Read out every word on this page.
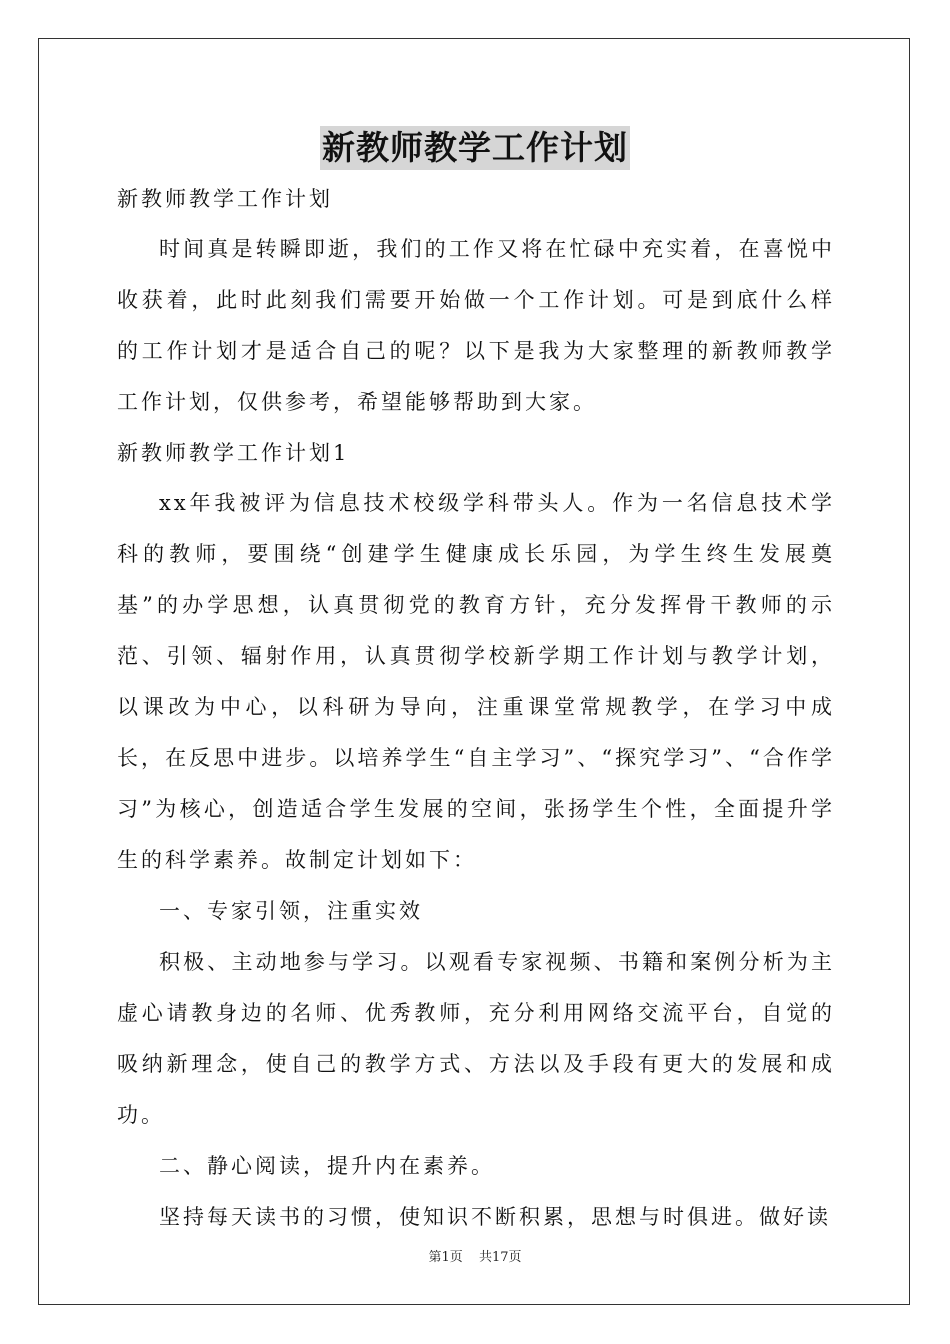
新教师教学工作计划

新教师教学工作计划

时间真是转瞬即逝，我们的工作又将在忙碌中充实着，在喜悦中收获着，此时此刻我们需要开始做一个工作计划。可是到底什么样的工作计划才是适合自己的呢？以下是我为大家整理的新教师教学工作计划，仅供参考，希望能够帮助到大家。

新教师教学工作计划1

xx年我被评为信息技术校级学科带头人。作为一名信息技术学科的教师，要围绕“创建学生健康成长乐园，为学生终生发展奠基”的办学思想，认真贯彻党的教育方针，充分发挥骨干教师的示范、引领、辐射作用，认真贯彻学校新学期工作计划与教学计划，以课改为中心，以科研为导向，注重课堂常规教学，在学习中成长，在反思中进步。以培养学生“自主学习”、“探究学习”、“合作学习”为核心，创造适合学生发展的空间，张扬学生个性，全面提升学生的科学素养。故制定计划如下：

一、专家引领，注重实效

积极、主动地参与学习。以观看专家视频、书籍和案例分析为主虚心请教身边的名师、优秀教师，充分利用网络交流平台，自觉的吸纳新理念，使自己的教学方式、方法以及手段有更大的发展和成功。

二、静心阅读，提升内在素养。

坚持每天读书的习惯，使知识不断积累，思想与时俱进。做好读

第1页 共17页
